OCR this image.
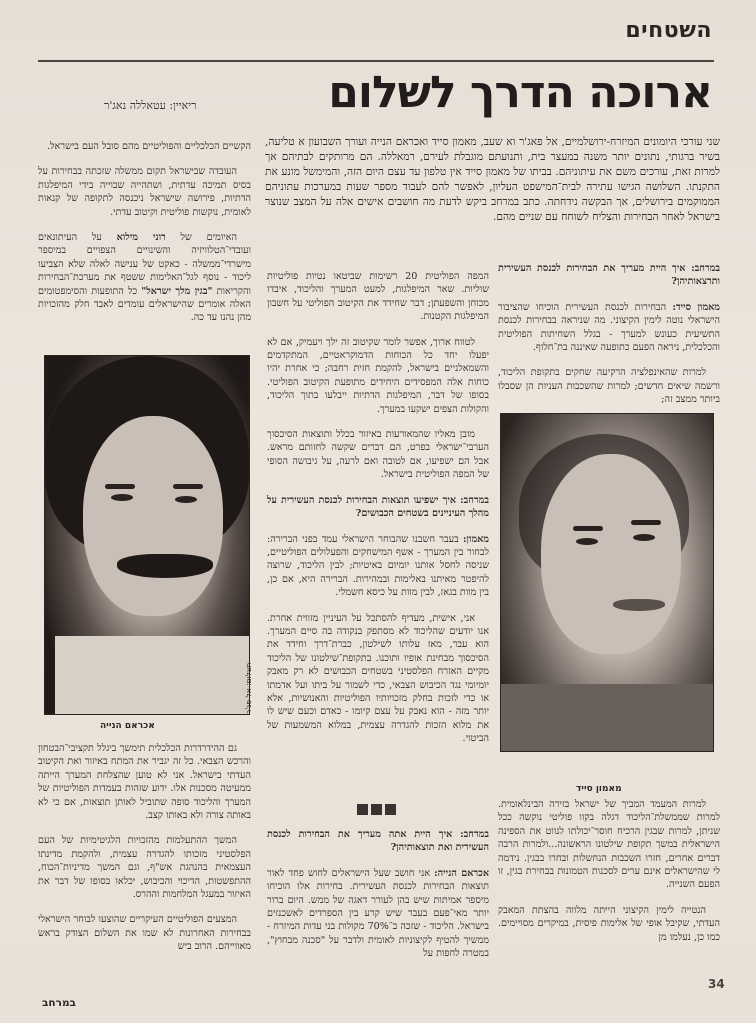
השטחים
ארוכה הדרך לשלום
ריאיין: עטאללה נאג'ר
שני עורכי היומונים המיזרח-ירושלמיים, אל פאג'ר וא שעב, מאמון סייד ואכראם הנייה ועורך השבועון א טליעה, בשיר ברגותי, נתונים יותר משנה במעצר בית, ותנועתם מוגבלת לעירם, רמאללה. הם מרותקים לבתיהם אך למרות זאת, עורכים משם את עיתוניהם. בביתו של מאמון סייד אין טלפון עד עצם היום הזה, והמימשל מונע את התקנתו. השלושה הגישו עתירה לבית־המישפט העליון, לאפשר להם לעבוד מספר שעות במערכות עתוניהם הממוקמים בירושלים, אך הבקשה נידחתה. כתב במרחב ביקש לדעת מה חושבים אישים אלה על המצב שנוצר בישראל לאחר הבחירות והצליח לשוחח עם שניים מהם.

במרחב: איך היית מעריך את הבחירות לכנסת העשירית ותרצאותיהן?

מאמון סייד: הבחירות לכנסת העשירית הוכיחו שהציבור הישראלי נוטה לימין הקיצוני. מה שניראה בבחירות לכנסת התשיעית כעונש למערך - בגלל השחיתות הפוליטית והכלכלית, ניראה הפעם כתופעה שאיננה בת־חלוף.

למרות שהאינפלציה הרקיעה שחקים בתקופת הליכוד, ורשמה שיאים חדשים; למרות שהשכבות העניות הן שסבלו ביותר ממצב זה;

מאמון סייד

למרות המעמד המביך של ישראל בזירה הבינלאומית. למרות שממשלת־הליכוד דגלה בקוו פוליטי נוקשה ככל שניתן, למרות שבגין הרכיח חוסר־יכולתו לנווט את הספינה הישראלית במשך תקופת שילטונו הראשונה...ולמרות הרבה דברים אחרים, חזרו השכבות הנחשלות ובחרו בבגין. נידמה לי שהישראלים אינם ערים לסכנות הטמונות בבחירת בגין, זו הפעם השנייה.

הנטייה לימין הקיצוני הייתה מלווה בהצתת המאבק העדתי, שקיבל אופי של אלימות פיסית, במיקרים מסויימים. כמו כן, נעלמו מן

המפה הפוליטית 20 רשימות שביטאו נטיות פוליטיות שוליות. שאר המיפלגות, למעט המערך והליכוד, איבדו מכוחן והשפעתן; דבר שחידד את הקיטוב הפוליטי על חשבון המיפלגות הקטנות.

לטווח ארוך, אפשר לומר שקיטוב זה ילך ויעמיק, אם לא יפעלו יחד כל הכוחות הדמוקראטיים, המתקדמים והשמאלניים בישראל, להקמת חזית רחבה; כי אחרת יהיו כוחות אלה המפסידים היחידים מתופעת הקיטוב הפוליטי. בסופו של דבר, המיפלגות הדתיות ייבלעו בתוך הליכוד, והקולות הצפים ישקעו במערך.

מובן מאליו שהמאורעות באיזור בכלל ותוצאות הסיכסוך הערבי־ישראלי בפרט, הם דברים שקשה לחזותם מראש. אבל הם ישפיעו, אם לטובה ואם לרעה, על גיבושה הסופי של המפה הפוליטית בישראל.

במרחב: איך ישפיעו תוצאות הבחירות לכנסת העשירית על מהלך העיניינים בשטחים הכבושים?

מאמון: בעבר חשבנו שהבוחר הישראלי עמד בפני הברירה: לבחור בין המערך - אשף המישחקים והפעלולים הפוליטיים, שניסה לחסל אותנו יומיום באיטיות; לבין הליכוד, שרוצה להיפטר מאיתנו באלימות ובמהירות. הברירה היא, אם כן, בין מוות בגאז, לבין מוות על כיסא חשמלי.

אני, אישית, מעדיף להסתכל על העיניין מזווית אחרת. אנו יודעים שהליכוד לא מסתפק בנקודה בה סיים המערך. הוא עבר, מאז עלותו לשילטון, כברת־דרך וחידד את הסיכסוך מבחינת אופיו ותוכנו. בתקופת־שילטונו של הליכוד מקיים האזרח הפלסטיני בשטחים הכבושים לא רק מאבק יומיומי נגד הכיבוש הצבאי, כדי לשמור על ביתו ועל אדמתו או כדי לזכות בחלק מזכויותיו הפוליטיות והאנושיות, אלא יותר מזה - הוא נאבק על עצם קיומו - כאדם וכעם שיש לו את מלוא הזכות להגדרה עצמית, במלוא המשמעות של הביטוי.

במרחב: איך היית אתה מעריך את הבחירות לכנסת העשירית ואת תוצאותיהן?

אכראם הנייה: אני חושב שעל הישראלים לחוש פחד לאור תוצאות הבחירות לכנסת העשירית. בחירות אלו הוכיחו מיספר אמיתות שיש בהן לעורר דאגה של ממש. היום ברור יותר מאי־פעם בעבר שיש קרע בין הספרדים לאשכנזים בישראל. הליכוד - שזכה ב־70% מקולות בני עדות המיזרח - ממשיך להטיף לקיצוניות לאומית ולדבר על "סכנה מבחוץ", במטרה לחפות על

הקשיים הכלכליים והפוליטיים מהם סובל העם בישראל.

העובדה שבישראל תקום ממשלה שזכתה בבחירות על בסיס תמיכה עדתית, ושתהייה שבוייה בידי המיפלגות הדתיות, פירושה שישראל ניכנסה לתקופה של קנאות לאומית, נוקשות פוליטית וקיטוב עדתי.

האיומים של רוני מילוא על העיתונאים ועובדי־הטלוויזיה והשינויים הצפויים במיספר מישרדי־ממשלה - כאקט של ענישה לאלה שלא הצביעו ליכוד - נוסף לגל־האלימות ששטף את מערכת־הבחירות והקריאות "בגין מלך ישראל" כל התופעות והסימפטומים האלה אומרים שהישראלים עומדים לאבד חלק מהזכויות מהן נהנו עד כה.

תצלום: אל פג'ר
אכראם הנייה

גם ההידרדרות הכלכלית תימשך ביגלל תקציבי־הבטחון והרכש הצבאי. כל זה יגביר את המתח באיזור ואת הקיטוב העדתי בישראל. אני לא טוען שהצלחת המערך הייתה ממעיטה מסכנות אלו. ידוע שזהות בעמדות הפוליטיות של המערך והליכוד סופה שתוביל לאותן תוצאות, אם כי לא באותה צורה ולא באותו קצב.

המשך ההתעלמות מהזכויות הלגיטימיות של העם הפלסטיני מזכותו להגדרה עצמית, ולהקמת מדינתו העצמאית בהנהגת אש"ף, וגם המשך מדיניות־הכוח, ההתפשטות, הדיכוי והכיבוש, יכלאו בסופו של דבר את האיזור במעגל המלחמות וההרס.

המצעים הפוליטיים העיקריים שהוצעו לבוחר הישראלי בבחירות האחרונות לא שמו את השלום הצודק בראש מאווייהם. הרוב ביש

במרחב
34
